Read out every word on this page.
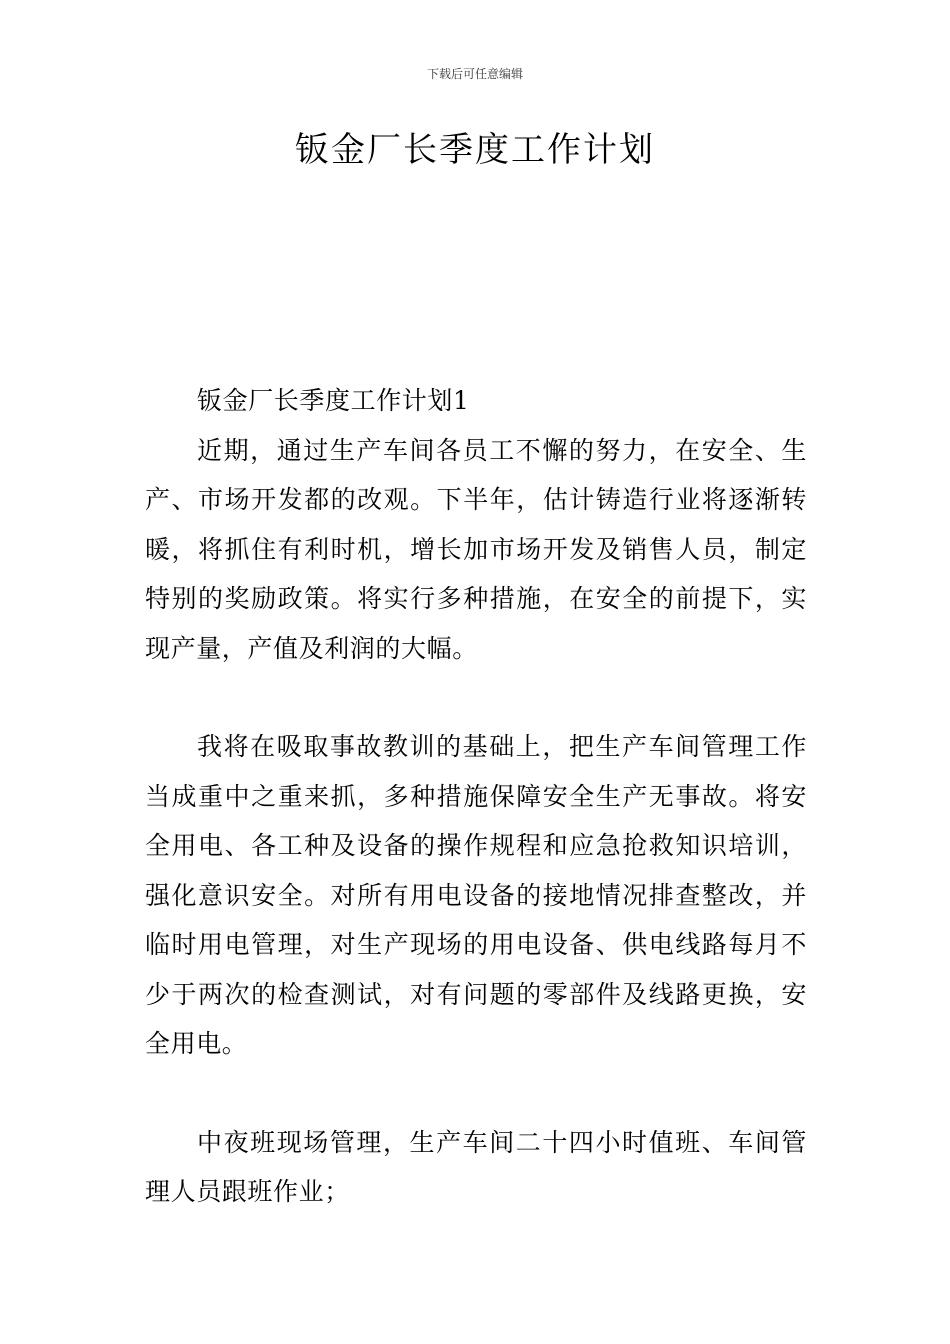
下载后可任意编辑
钣金厂长季度工作计划

钣金厂长季度工作计划1

近期，通过生产车间各员工不懈的努力，在安全、生产、市场开发都的改观。下半年，估计铸造行业将逐渐转暖，将抓住有利时机，增长加市场开发及销售人员，制定特别的奖励政策。将实行多种措施，在安全的前提下，实现产量，产值及利润的大幅。

我将在吸取事故教训的基础上，把生产车间管理工作当成重中之重来抓，多种措施保障安全生产无事故。将安全用电、各工种及设备的操作规程和应急抢救知识培训，强化意识安全。对所有用电设备的接地情况排查整改，并临时用电管理，对生产现场的用电设备、供电线路每月不少于两次的检查测试，对有问题的零部件及线路更换，安全用电。

中夜班现场管理，生产车间二十四小时值班、车间管理人员跟班作业；
